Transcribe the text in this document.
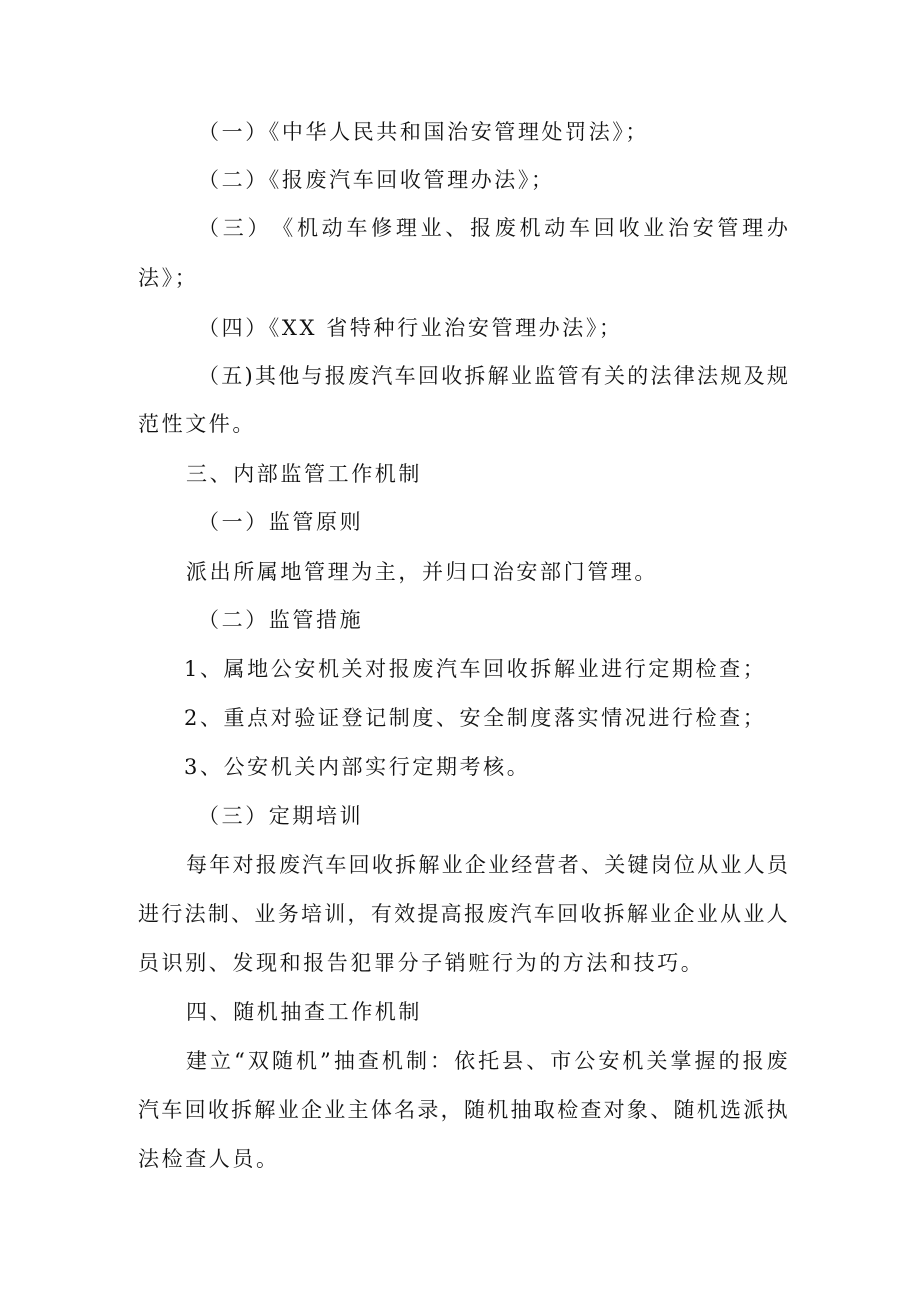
（一）《中华人民共和国治安管理处罚法》；
（二）《报废汽车回收管理办法》；
（ 三 ） 《 机 动 车 修 理 业 、 报 废 机 动 车 回 收 业 治 安 管 理 办
法》；
（四）《XX 省特种行业治安管理办法》；
（ 五 ) 其 他 与 报 废 汽 车 回 收 拆 解 业 监 管 有 关 的 法 律 法 规 及 规
范性文件。
三、内部监管工作机制
（一）监管原则
派出所属地管理为主，并归口治安部门管理。
（二）监管措施
1、属地公安机关对报废汽车回收拆解业进行定期检查；
2、重点对验证登记制度、安全制度落实情况进行检查；
3、公安机关内部实行定期考核。
（三）定期培训
每 年 对 报 废 汽 车 回 收 拆 解 业 企 业 经 营 者 、 关 键 岗 位 从 业 人 员
进 行 法 制 、 业 务 培 训 ， 有 效 提 高 报 废 汽 车 回 收 拆 解 业 企 业 从 业 人
员识别、发现和报告犯罪分子销赃行为的方法和技巧。
四、随机抽查工作机制
建 立 “ 双 随 机 ” 抽 查 机 制 ： 依 托 县 、 市 公 安 机 关 掌 握 的 报 废
汽 车 回 收 拆 解 业 企 业 主 体 名 录 ， 随 机 抽 取 检 查 对 象 、 随 机 选 派 执
法检查人员。
